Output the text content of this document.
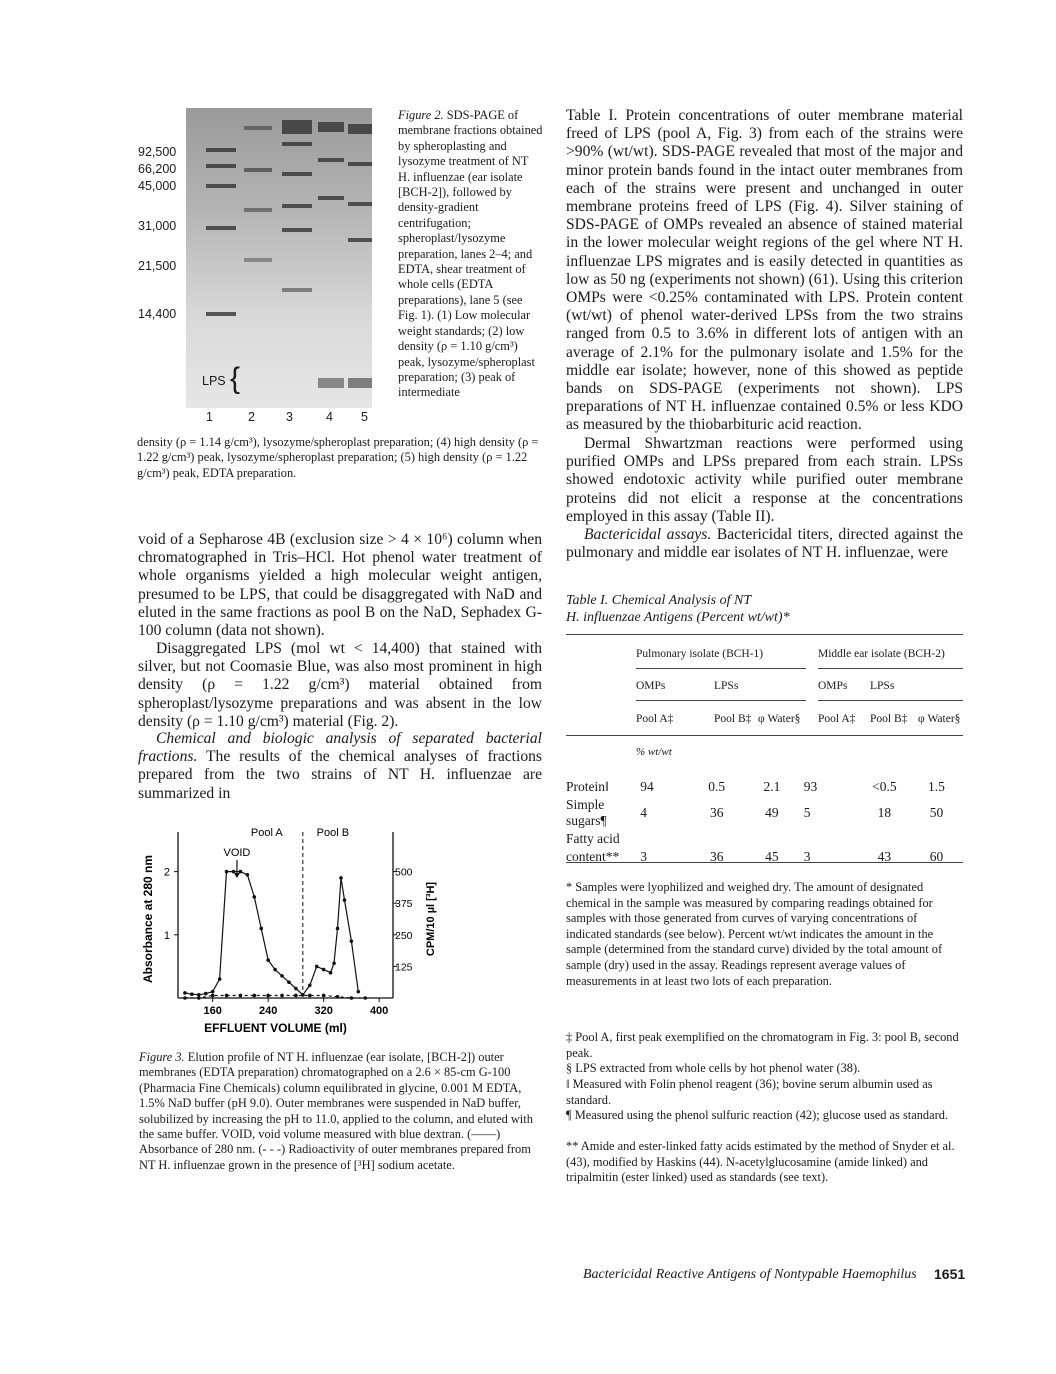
92,500
66,200
45,000
31,000
21,500
14,400
LPS {
1	2 3	4 5
Figure 2. SDS-PAGE of membrane fractions obtained by spheroplasting and lysozyme treatment of NT H. influenzae (ear isolate [BCH-2]), followed by density-gradient centrifugation; spheroplast/lysozyme preparation, lanes 2–4; and EDTA, shear treatment of whole cells (EDTA preparations), lane 5 (see Fig. 1). (1) Low molecular weight standards; (2) low density (ρ = 1.10 g/cm³) peak, lysozyme/spheroplast preparation; (3) peak of intermediate
density (ρ = 1.14 g/cm³), lysozyme/spheroplast preparation; (4) high density (ρ = 1.22 g/cm³) peak, lysozyme/spheroplast preparation; (5) high density (ρ = 1.22 g/cm³) peak, EDTA preparation.
void of a Sepharose 4B (exclusion size > 4 × 10⁶) column when chromatographed in Tris–HCl. Hot phenol water treatment of whole organisms yielded a high molecular weight antigen, presumed to be LPS, that could be disaggregated with NaD and eluted in the same fractions as pool B on the NaD, Sephadex G-100 column (data not shown).
Disaggregated LPS (mol wt < 14,400) that stained with silver, but not Coomasie Blue, was also most prominent in high density (ρ = 1.22 g/cm³) material obtained from spheroplast/lysozyme preparations and was absent in the low density (ρ = 1.10 g/cm³) material (Fig. 2).
Chemical and biologic analysis of separated bacterial fractions. The results of the chemical analyses of fractions prepared from the two strains of NT H. influenzae are summarized in
160	240	320	400
1
2
125
250
375
500
EFFLUENT VOLUME (ml)
Absorbance at 280 nm	CPM/10 µl [³H]
Pool A	Pool B
VOID
Figure 3. Elution profile of NT H. influenzae (ear isolate, [BCH-2]) outer membranes (EDTA preparation) chromatographed on a 2.6 × 85-cm G-100 (Pharmacia Fine Chemicals) column equilibrated in glycine, 0.001 M EDTA, 1.5% NaD buffer (pH 9.0). Outer membranes were suspended in NaD buffer, solubilized by increasing the pH to 11.0, applied to the column, and eluted with the same buffer. VOID, void volume measured with blue dextran. (——) Absorbance of 280 nm. (- - -) Radioactivity of outer membranes prepared from NT H. influenzae grown in the presence of [³H] sodium acetate.
Table I. Protein concentrations of outer membrane material freed of LPS (pool A, Fig. 3) from each of the strains were >90% (wt/wt). SDS-PAGE revealed that most of the major and minor protein bands found in the intact outer membranes from each of the strains were present and unchanged in outer membrane proteins freed of LPS (Fig. 4). Silver staining of SDS-PAGE of OMPs revealed an absence of stained material in the lower molecular weight regions of the gel where NT H. influenzae LPS migrates and is easily detected in quantities as low as 50 ng (experiments not shown) (61). Using this criterion OMPs were <0.25% contaminated with LPS. Protein content (wt/wt) of phenol water-derived LPSs from the two strains ranged from 0.5 to 3.6% in different lots of antigen with an average of 2.1% for the pulmonary isolate and 1.5% for the middle ear isolate; however, none of this showed as peptide bands on SDS-PAGE (experiments not shown). LPS preparations of NT H. influenzae contained 0.5% or less KDO as measured by the thiobarbituric acid reaction.
Dermal Shwartzman reactions were performed using purified OMPs and LPSs prepared from each strain. LPSs showed endotoxic activity while purified outer membrane proteins did not elicit a response at the concentrations employed in this assay (Table II).
Bactericidal assays. Bactericidal titers, directed against the pulmonary and middle ear isolates of NT H. influenzae, were
Table I. Chemical Analysis of NT
H. influenzae Antigens (Percent wt/wt)*
Pulmonary isolate (BCH-1)	Middle ear isolate (BCH-2)
OMPs	LPSs	OMPs LPSs
Pool A‡	Pool B‡ φ Water§ Pool A‡ Pool B‡ φ Water§
% wt/wt
Protein‖	94	0.5	2.1	93	<0.5	1.5
Simple sugars¶	4	36	49	5	18	50
Fatty acid						
content**	3	36	45	3	43	60
* Samples were lyophilized and weighed dry. The amount of designated chemical in the sample was measured by comparing readings obtained for samples with those generated from curves of varying concentrations of indicated standards (see below). Percent wt/wt indicates the amount in the sample (determined from the standard curve) divided by the total amount of sample (dry) used in the assay. Readings represent average values of measurements in at least two lots of each preparation.
‡ Pool A, first peak exemplified on the chromatogram in Fig. 3: pool B, second peak.
§ LPS extracted from whole cells by hot phenol water (38).
‖ Measured with Folin phenol reagent (36); bovine serum albumin used as standard.
¶ Measured using the phenol sulfuric reaction (42); glucose used as standard.
** Amide and ester-linked fatty acids estimated by the method of Snyder et al. (43), modified by Haskins (44). N-acetylglucosamine (amide linked) and tripalmitin (ester linked) used as standards (see text).
Bactericidal Reactive Antigens of Nontypable Haemophilus 1651
